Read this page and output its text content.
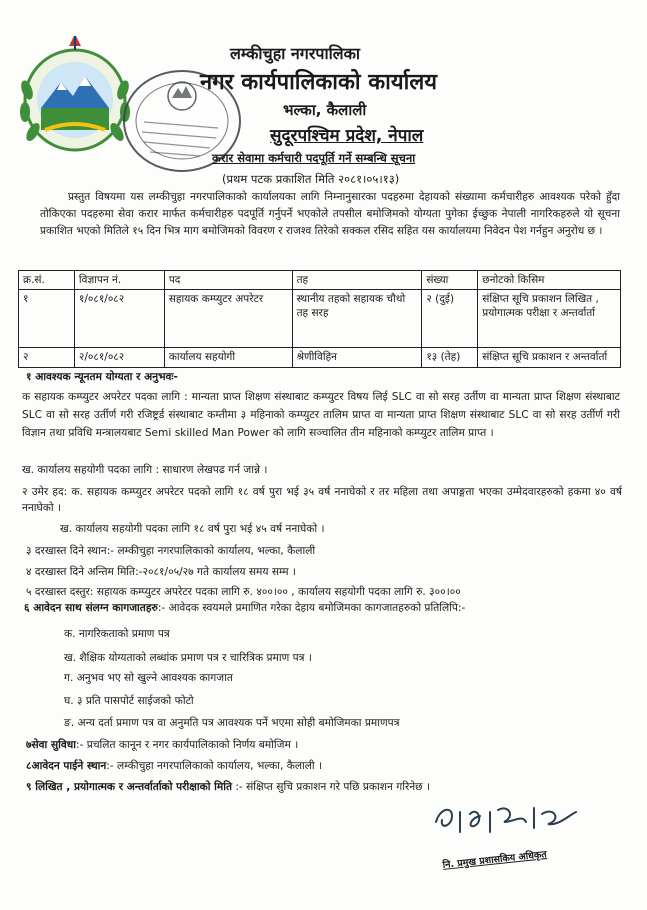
लम्कीचुहा नगरपालिका
नगर कार्यपालिकाको कार्यालय
भल्का, कैलाली
सुदूरपश्चिम प्रदेश, नेपाल
करार सेवामा कर्मचारी पदपूर्ति गर्ने सम्बन्धि सूचना
(प्रथम पटक प्रकाशित मिति २०८१।०५।१३)
प्रस्तुत विषयमा यस लम्कीचुहा नगरपालिकाको कार्यालयका लागि निम्नानुसारका पदहरुमा देहायको संख्यामा कर्मचारीहरु आवश्यक परेको हुँदा तोकिएका पदहरुमा सेवा करार मार्फत कर्मचारीहरु पदपूर्ति गर्नुपर्ने भएकोले तपसील बमोजिमको योग्यता पुगेका ईच्छुक नेपाली नागरिकहरुले यो सूचना प्रकाशित भएको मितिले १५ दिन भित्र माग बमोजिमको विवरण र राजश्व तिरेको सक्कल रसिद सहित यस कार्यालयमा निवेदन पेश गर्नहुन अनुरोध छ ।
क्र.सं.	विज्ञापन नं.	पद	तह	संख्या	छनोटको किसिम
१	१/०८१/०८२	सहायक कम्प्युटर अपरेटर	स्थानीय तहको सहायक चौथो तह सरह	२ (दुई)	संक्षिप्त सूचि प्रकाशन लिखित , प्रयोगात्मक परीक्षा र अन्तर्वार्ता
२	२/०८१/०८२	कार्यालय सहयोगी	श्रेणीविहिन	१३ (तेह)	संक्षिप्त सूचि प्रकाशन र अन्तर्वार्ता
१ आवश्यक न्यूनतम योग्यता र अनुभवः-
क सहायक कम्प्युटर अपरेटर पदका लागि : मान्यता प्राप्त शिक्षण संस्थाबाट कम्प्युटर विषय लिई SLC वा सो सरह उर्तीण वा मान्यता प्राप्त शिक्षण संस्थाबाट SLC वा सो सरह उर्तीर्ण गरी रजिष्ट्रर्ड संस्थाबाट कम्तीमा ३ महिनाको कम्प्युटर तालिम प्राप्त वा मान्यता प्राप्त शिक्षण संस्थाबाट SLC वा सो सरह उर्तीर्ण गरी विज्ञान तथा प्रविधि मन्त्रालयबाट Semi skilled Man Power को लागि सञ्चालित तीन महिनाको कम्प्युटर तालिम प्राप्त ।
ख. कार्यालय सहयोगी पदका लागि : साधारण लेखपढ गर्न जान्ने ।
२ उमेर हद: क. सहायक कम्प्युटर अपरेटर पदको लागि १८ वर्ष पुरा भई ३५ वर्ष ननाघेको र तर महिला तथा अपाङ्गता भएका उम्मेदवारहरुको हकमा ४० वर्ष ननाघेको ।
ख. कार्यालय सहयोगी पदका लागि १८ वर्ष पुरा भई ४५ वर्ष ननाघेको ।
३ दरखास्त दिने स्थान:- लम्कीचुहा नगरपालिकाको कार्यालय, भल्का, कैलाली
४ दरखास्त दिने अन्तिम मिति:-२०८१/०५/२७ गते कार्यालय समय सम्म ।
५ दरखास्त दस्तुर: सहायक कम्प्युटर अपरेटर पदका लागि रु. ४००।०० , कार्यालय सहयोगी पदका लागि रु. ३००।००
६ आवेदन साथ संलग्न कागजातहरु:- आवेदक स्वयमले प्रमाणित गरेका देहाय बमोजिमका कागजातहरुको प्रतिलिपि:-
क. नागरिकताको प्रमाण पत्र
ख. शैक्षिक योग्यताको लब्धांक प्रमाण पत्र र चारित्रिक प्रमाण पत्र ।
ग. अनुभव भए सो खुल्ने आवश्यक कागजात
घ. ३ प्रति पासपोर्ट साईजको फोटो
ङ. अन्य दर्ता प्रमाण पत्र वा अनुमति पत्र आवश्यक पर्ने भएमा सोही बमोजिमका प्रमाणपत्र
७सेवा सुविधा:- प्रचलित कानून र नगर कार्यपालिकाको निर्णय बमोजिम ।
८आवेदन पाईने स्थान:- लम्कीचुहा नगरपालिकाको कार्यालय, भल्का, कैलाली ।
९ लिखित , प्रयोगात्मक र अन्तर्वार्ताको परीक्षाको मिति :- संक्षिप्त सुचि प्रकाशन गरे पछि प्रकाशन गरिनेछ ।
नि. प्रमुख प्रशासकिय अधिकृत
